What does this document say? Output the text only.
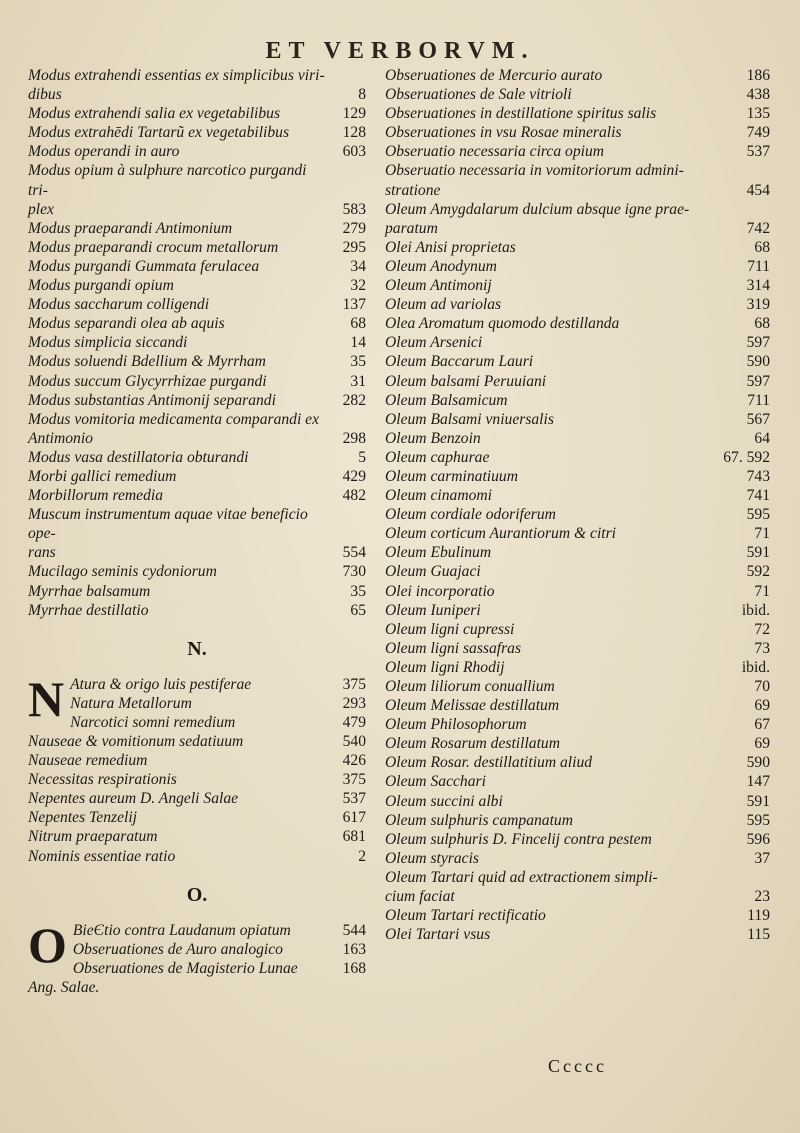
ET VERBORVM.
Modus extrahendi essentias ex simplicibus viri-
dibus	8
Modus extrahendi salia ex vegetabilibus	129
Modus extrahēdi Tartarũ ex vegetabilibus	128
Modus operandi in auro	603
Modus opium à sulphure narcotico purgandi tri-
plex	583
Modus praeparandi Antimonium	279
Modus praeparandi crocum metallorum	295
Modus purgandi Gummata ferulacea	34
Modus purgandi opium	32
Modus saccharum colligendi	137
Modus separandi olea ab aquis	68
Modus simplicia siccandi	14
Modus soluendi Bdellium & Myrrham	35
Modus succum Glycyrrhizae purgandi	31
Modus substantias Antimonij separandi	282
Modus vomitoria medicamenta comparandi ex
Antimonio	298
Modus vasa destillatoria obturandi	5
Morbi gallici remedium	429
Morbillorum remedia	482
Muscum instrumentum aquae vitae beneficio ope-
rans	554
Mucilago seminis cydoniorum	730
Myrrhae balsamum	35
Myrrhae destillatio	65
N.
N Atura & origo luis pestiferae	375
Natura Metallorum	293
Narcotici somni remedium	479
Nauseae & vomitionum sedatiuum	540
Nauseae remedium	426
Necessitas respirationis	375
Nepentes aureum D. Angeli Salae	537
Nepentes Tenzelij	617
Nitrum praeparatum	681
Nominis essentiae ratio	2
O.
O BieЄtio contra Laudanum opiatum	544
Obseruationes de Auro analogico	163
Obseruationes de Magisterio Lunae	168
Ang. Salae.
Obseruationes de Mercurio aurato	186
Obseruationes de Sale vitrioli	438
Obseruationes in destillatione spiritus salis	135
Obseruationes in vsu Rosae mineralis	749
Obseruatio necessaria circa opium	537
Obseruatio necessaria in vomitoriorum admini-
stratione	454
Oleum Amygdalarum dulcium absque igne prae-
paratum	742
Olei Anisi proprietas	68
Oleum Anodynum	711
Oleum Antimonij	314
Oleum ad variolas	319
Olea Aromatum quomodo destillanda	68
Oleum Arsenici	597
Oleum Baccarum Lauri	590
Oleum balsami Peruuiani	597
Oleum Balsamicum	711
Oleum Balsami vniuersalis	567
Oleum Benzoin	64
Oleum caphurae	67. 592
Oleum carminatiuum	743
Oleum cinamomi	741
Oleum cordiale odoriferum	595
Oleum corticum Aurantiorum & citri	71
Oleum Ebulinum	591
Oleum Guajaci	592
Olei incorporatio	71
Oleum Iuniperi	ibid.
Oleum ligni cupressi	72
Oleum ligni sassafras	73
Oleum ligni Rhodij	ibid.
Oleum liliorum conuallium	70
Oleum Melissae destillatum	69
Oleum Philosophorum	67
Oleum Rosarum destillatum	69
Oleum Rosar. destillatitium aliud	590
Oleum Sacchari	147
Oleum succini albi	591
Oleum sulphuris campanatum	595
Oleum sulphuris D. Fincelij contra pestem	596
Oleum styracis	37
Oleum Tartari quid ad extractionem simpli-
cium faciat	23
Oleum Tartari rectificatio	119
Olei Tartari vsus	115
Ccccc
